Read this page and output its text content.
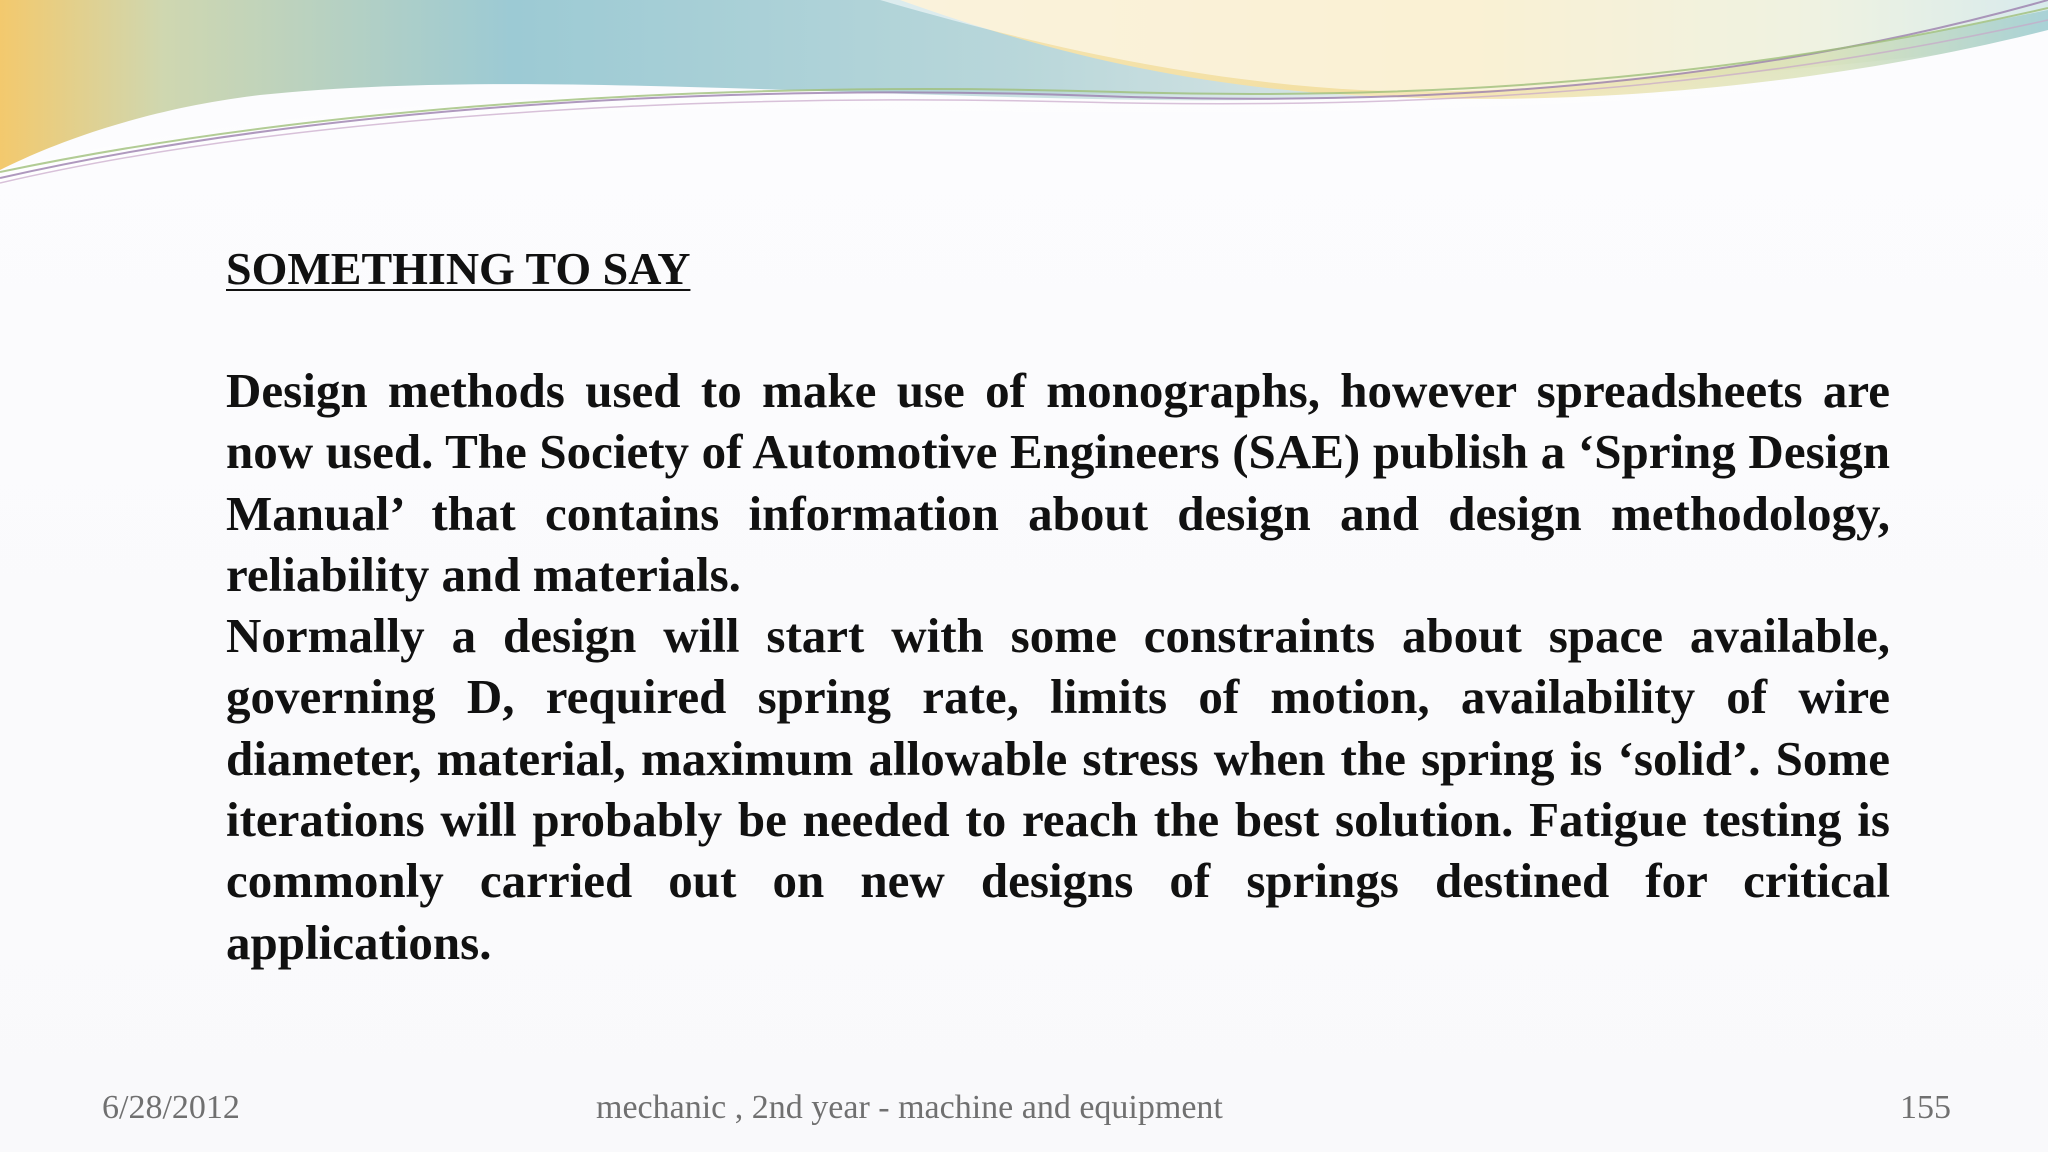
SOMETHING TO SAY

Design methods used to make use of monographs, however spreadsheets are now used. The Society of Automotive Engineers (SAE) publish a ‘Spring Design Manual’ that contains information about design and design methodology, reliability and materials.

Normally a design will start with some constraints about space available, governing D, required spring rate, limits of motion, availability of wire diameter, material, maximum allowable stress when the spring is ‘solid’. Some iterations will probably be needed to reach the best solution. Fatigue testing is commonly carried out on new designs of springs destined for critical applications.

6/28/2012	mechanic , 2nd year - machine and equipment	155
